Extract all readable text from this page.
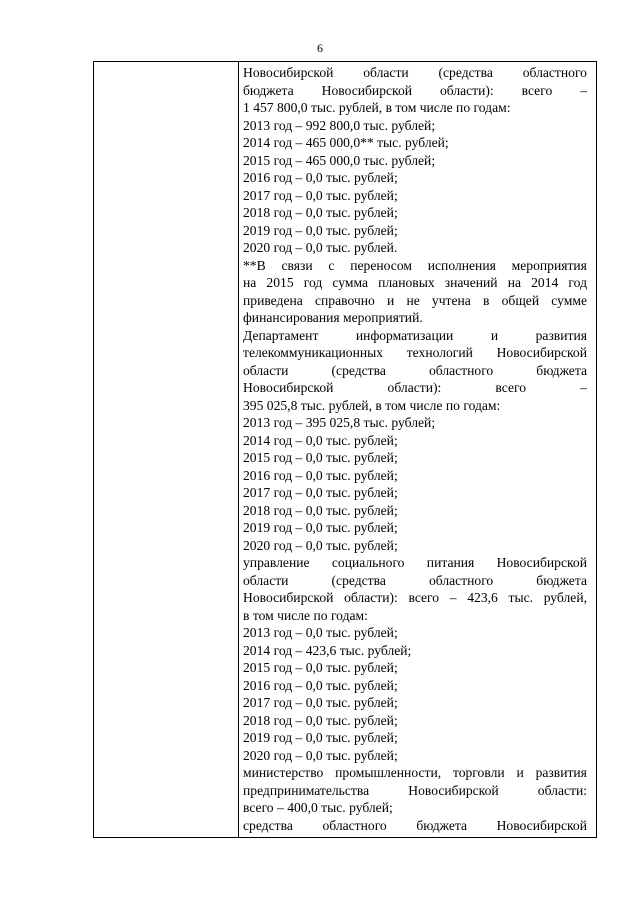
6
Новосибирской области (средства областного
бюджета Новосибирской области): всего –
1 457 800,0 тыс. рублей, в том числе по годам:
2013 год – 992 800,0 тыс. рублей;
2014 год – 465 000,0** тыс. рублей;
2015 год – 465 000,0 тыс. рублей;
2016 год – 0,0 тыс. рублей;
2017 год – 0,0 тыс. рублей;
2018 год – 0,0 тыс. рублей;
2019 год – 0,0 тыс. рублей;
2020 год – 0,0 тыс. рублей.
**В связи с переносом исполнения мероприятия
на 2015 год сумма плановых значений на 2014 год
приведена справочно и не учтена в общей сумме
финансирования мероприятий.
Департамент	информатизации	и	развития
телекоммуникационных технологий Новосибирской
области	(средства	областного	бюджета
Новосибирской	области):	всего	–
395 025,8 тыс. рублей, в том числе по годам:
2013 год – 395 025,8 тыс. рублей;
2014 год – 0,0 тыс. рублей;
2015 год – 0,0 тыс. рублей;
2016 год – 0,0 тыс. рублей;
2017 год – 0,0 тыс. рублей;
2018 год – 0,0 тыс. рублей;
2019 год – 0,0 тыс. рублей;
2020 год – 0,0 тыс. рублей;
управление социального питания Новосибирской
области	(средства	областного	бюджета
Новосибирской области): всего – 423,6 тыс. рублей,
в том числе по годам:
2013 год – 0,0 тыс. рублей;
2014 год – 423,6 тыс. рублей;
2015 год – 0,0 тыс. рублей;
2016 год – 0,0 тыс. рублей;
2017 год – 0,0 тыс. рублей;
2018 год – 0,0 тыс. рублей;
2019 год – 0,0 тыс. рублей;
2020 год – 0,0 тыс. рублей;
министерство промышленности, торговли и развития
предпринимательства	Новосибирской	области:
всего – 400,0 тыс. рублей;
средства областного бюджета Новосибирской
